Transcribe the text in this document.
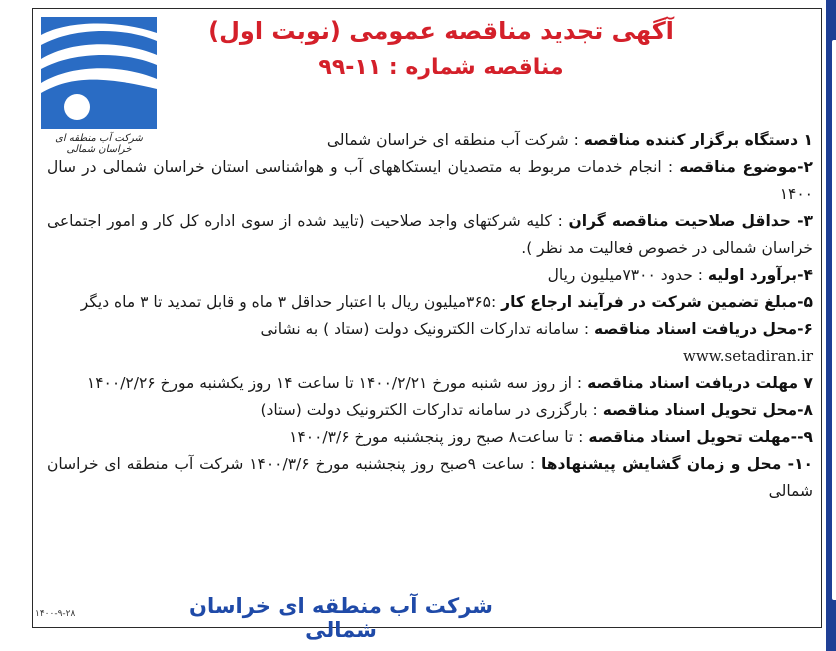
شرکت آب منطقه ای خراسان شمالی
آگهی تجدید مناقصه عمومی (نوبت اول)
مناقصه شماره : ۱۱-۹۹

۱ دستگاه برگزار کننده مناقصه : شرکت آب منطقه ای خراسان شمالی

۲-موضوع مناقصه : انجام خدمات مربوط به متصدیان ایستکاههای آب و هواشناسی استان خراسان شمالی در سال ۱۴۰۰

۳- حداقل صلاحیت مناقصه گران : کلیه شرکتهای واجد صلاحیت (تایید شده از سوی اداره کل کار و امور اجتماعی خراسان شمالی در خصوص فعالیت مد نظر ).

۴-برآورد اولیه : حدود ۷۳۰۰میلیون ریال

۵-مبلغ تضمین شرکت در فرآیند ارجاع کار :۳۶۵میلیون ریال با اعتبار حداقل ۳ ماه و قابل تمدید تا ۳ ماه دیگر

۶-محل دریافت اسناد مناقصه : سامانه تدارکات الکترونیک دولت (ستاد ) به نشانی
www.setadiran.ir

۷ مهلت دریافت اسناد مناقصه : از روز سه شنبه مورخ ۱۴۰۰/۲/۲۱ تا ساعت ۱۴ روز یکشنبه مورخ ۱۴۰۰/۲/۲۶

۸-محل تحویل اسناد مناقصه : بارگزری در سامانه تدارکات الکترونیک دولت (ستاد)

۹--مهلت تحویل اسناد مناقصه : تا ساعت۸ صبح روز پنجشنبه مورخ ۱۴۰۰/۳/۶

۱۰- محل و زمان گشایش پیشنهادها : ساعت ۹صبح روز پنجشنبه مورخ ۱۴۰۰/۳/۶ شرکت آب منطقه ای خراسان شمالی

شرکت آب منطقه ای خراسان شمالی
۱۴۰۰-۹-۲۸
